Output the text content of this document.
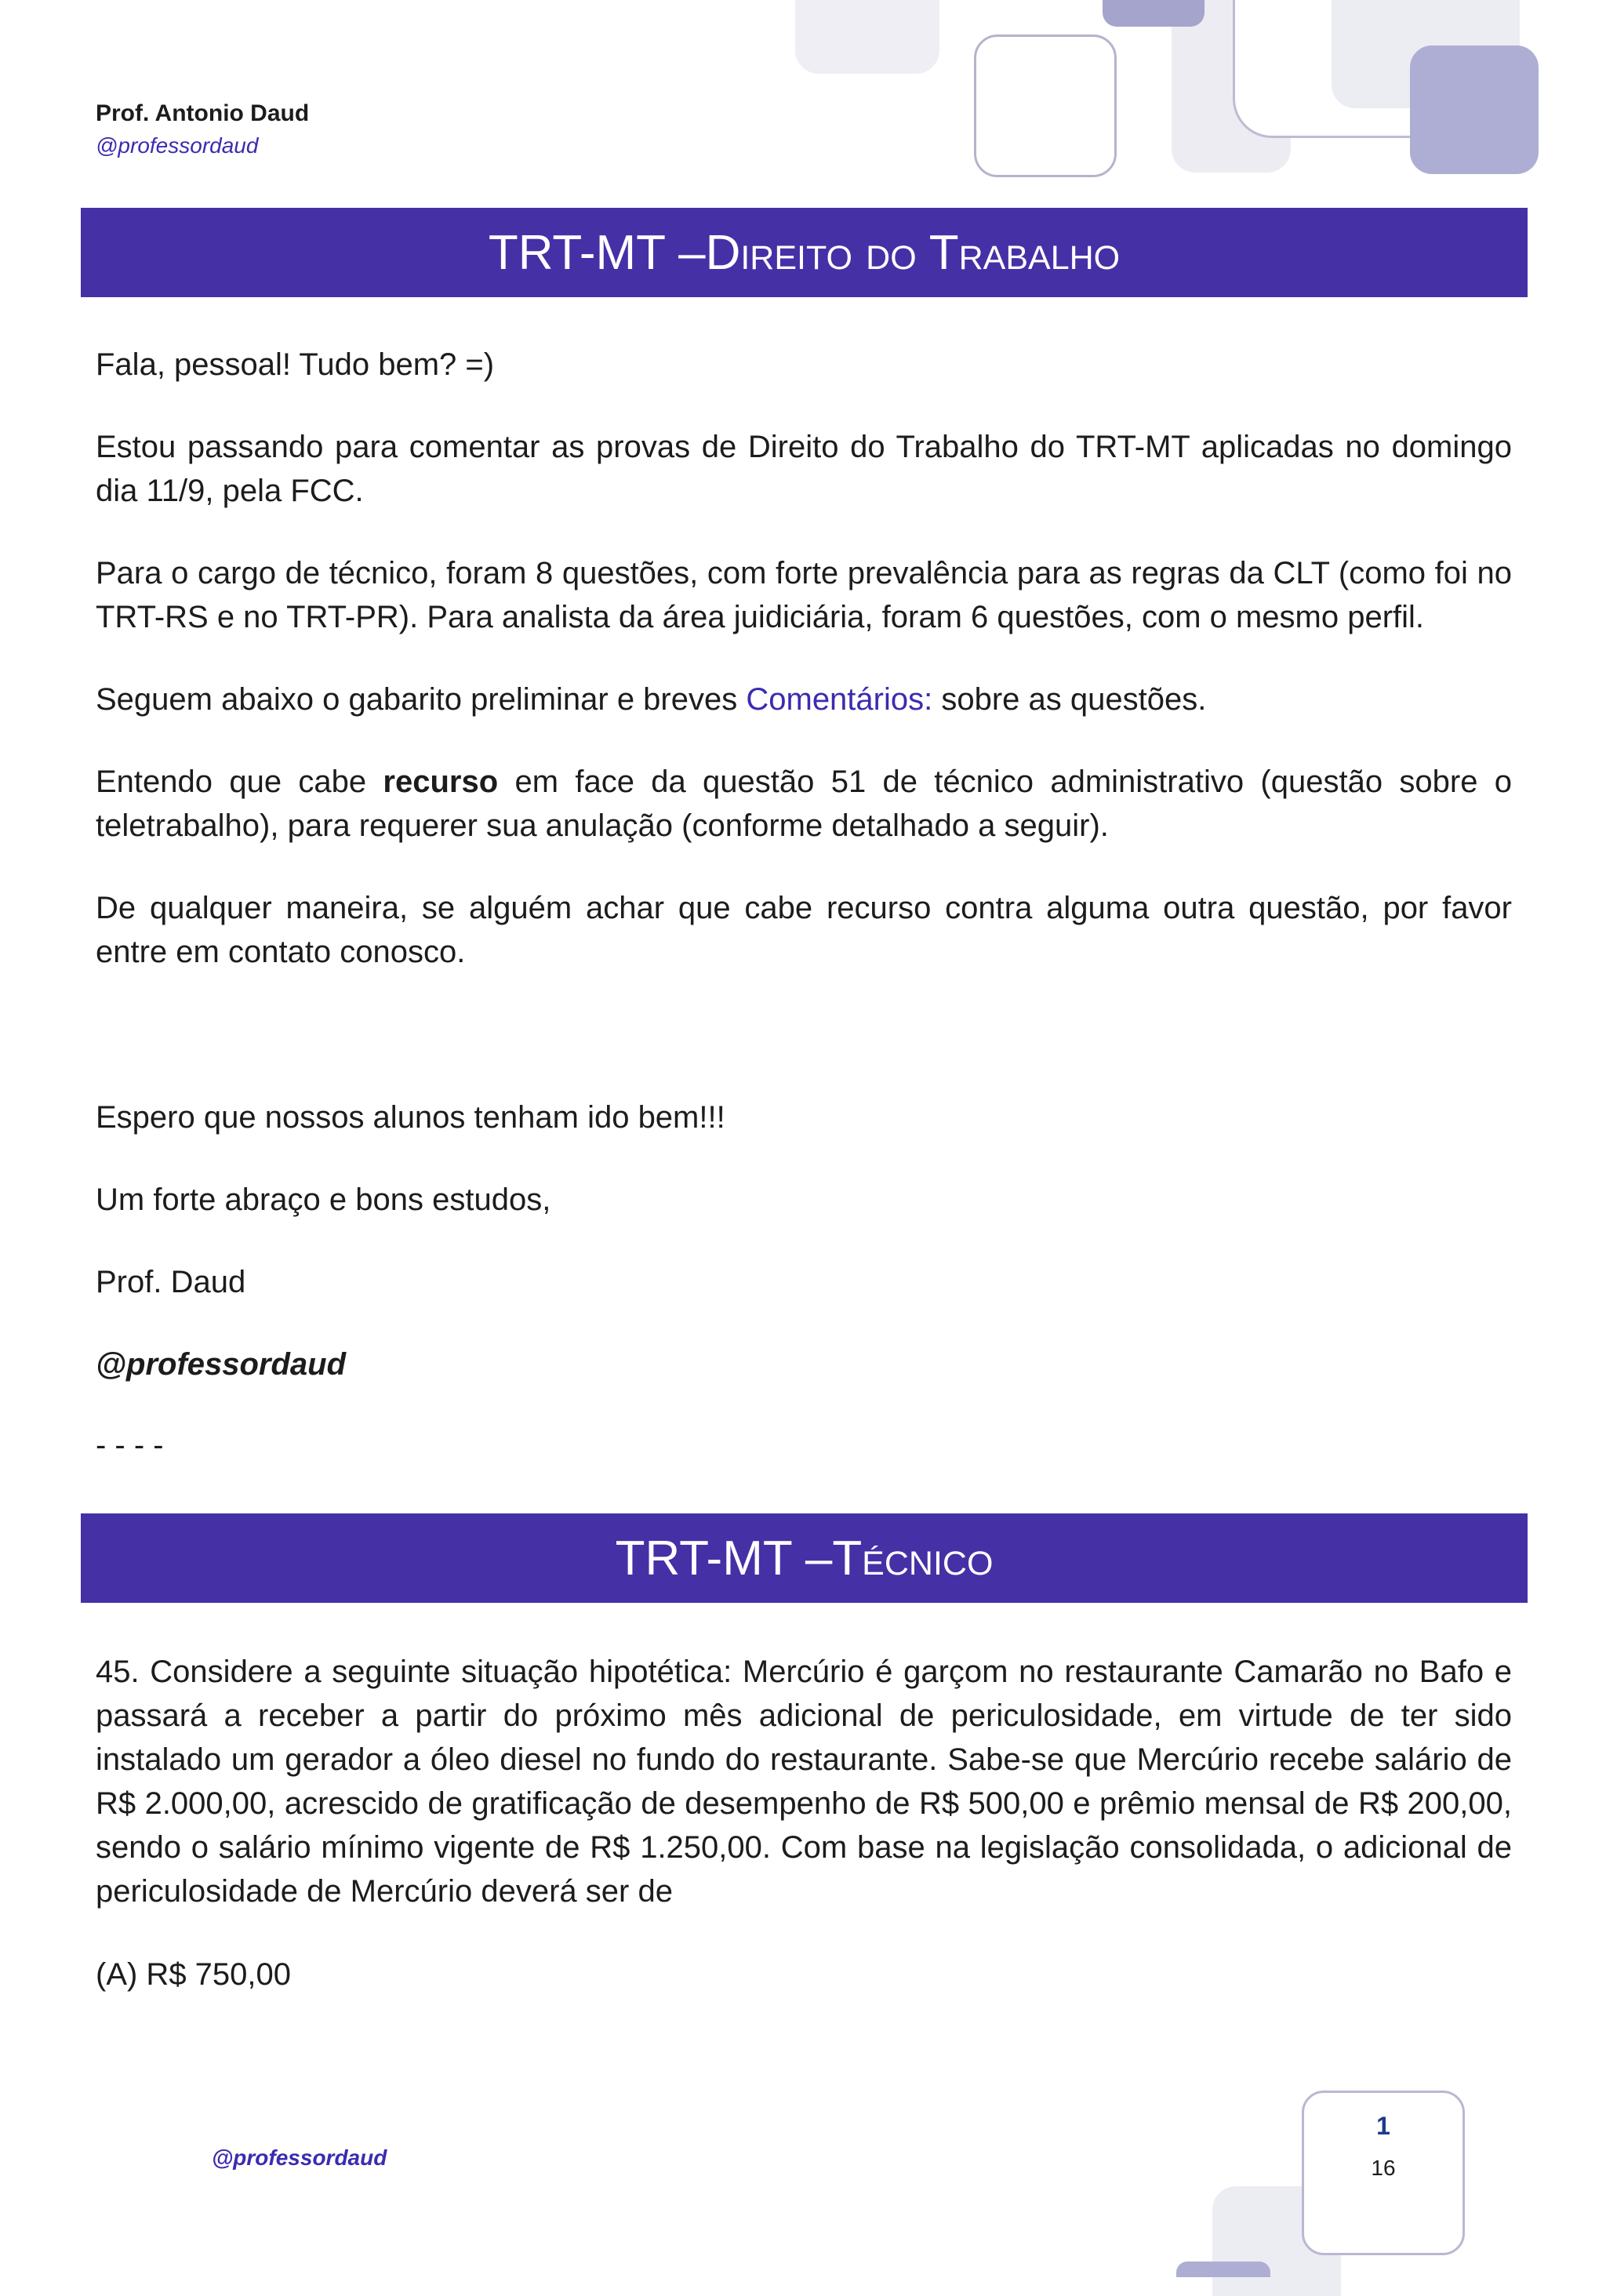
Prof. Antonio Daud
@professordaud
TRT-MT – Direito do Trabalho

Fala, pessoal! Tudo bem? =)

Estou passando para comentar as provas de Direito do Trabalho do TRT-MT aplicadas no domingo dia 11/9, pela FCC.

Para o cargo de técnico, foram 8 questões, com forte prevalência para as regras da CLT (como foi no TRT-RS e no TRT-PR). Para analista da área juidiciária, foram 6 questões, com o mesmo perfil.

Seguem abaixo o gabarito preliminar e breves Comentários: sobre as questões.

Entendo que cabe recurso em face da questão 51 de técnico administrativo (questão sobre o teletrabalho), para requerer sua anulação (conforme detalhado a seguir).

De qualquer maneira, se alguém achar que cabe recurso contra alguma outra questão, por favor entre em contato conosco.

Espero que nossos alunos tenham ido bem!!!

Um forte abraço e bons estudos,

Prof. Daud

@professordaud

- - - -

TRT-MT – Técnico

45. Considere a seguinte situação hipotética: Mercúrio é garçom no restaurante Camarão no Bafo e passará a receber a partir do próximo mês adicional de periculosidade, em virtude de ter sido instalado um gerador a óleo diesel no fundo do restaurante. Sabe-se que Mercúrio recebe salário de R$ 2.000,00, acrescido de gratificação de desempenho de R$ 500,00 e prêmio mensal de R$ 200,00, sendo o salário mínimo vigente de R$ 1.250,00. Com base na legislação consolidada, o adicional de periculosidade de Mercúrio deverá ser de

(A) R$ 750,00

@professordaud
1
16
